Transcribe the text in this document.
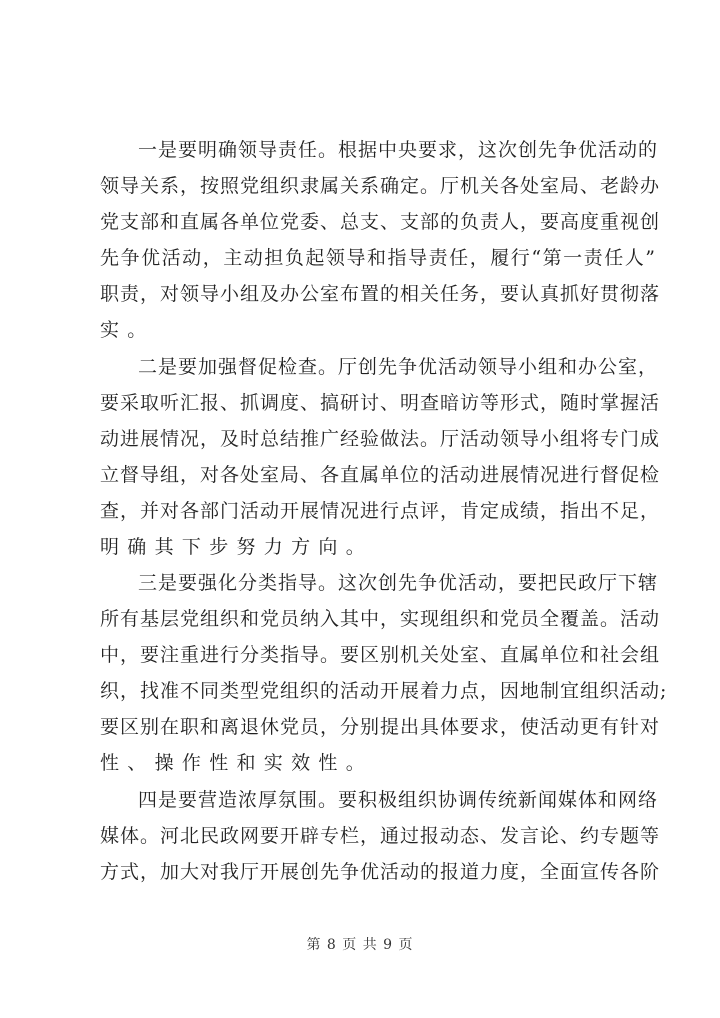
一是要明确领导责任。根据中央要求，这次创先争优活动的
领导关系，按照党组织隶属关系确定。厅机关各处室局、老龄办
党支部和直属各单位党委、总支、支部的负责人，要高度重视创
先争优活动，主动担负起领导和指导责任，履行“第一责任人”
职责，对领导小组及办公室布置的相关任务，要认真抓好贯彻落
实。
二是要加强督促检查。厅创先争优活动领导小组和办公室，
要采取听汇报、抓调度、搞研讨、明查暗访等形式，随时掌握活
动进展情况，及时总结推广经验做法。厅活动领导小组将专门成
立督导组，对各处室局、各直属单位的活动进展情况进行督促检
查，并对各部门活动开展情况进行点评，肯定成绩，指出不足，
明确其下步努力方向。
三是要强化分类指导。这次创先争优活动，要把民政厅下辖
所有基层党组织和党员纳入其中，实现组织和党员全覆盖。活动
中，要注重进行分类指导。要区别机关处室、直属单位和社会组
织，找准不同类型党组织的活动开展着力点，因地制宜组织活动;
要区别在职和离退休党员，分别提出具体要求，使活动更有针对
性、操作性和实效性。
四是要营造浓厚氛围。要积极组织协调传统新闻媒体和网络
媒体。河北民政网要开辟专栏，通过报动态、发言论、约专题等
方式，加大对我厅开展创先争优活动的报道力度，全面宣传各阶
第 8 页 共 9 页
